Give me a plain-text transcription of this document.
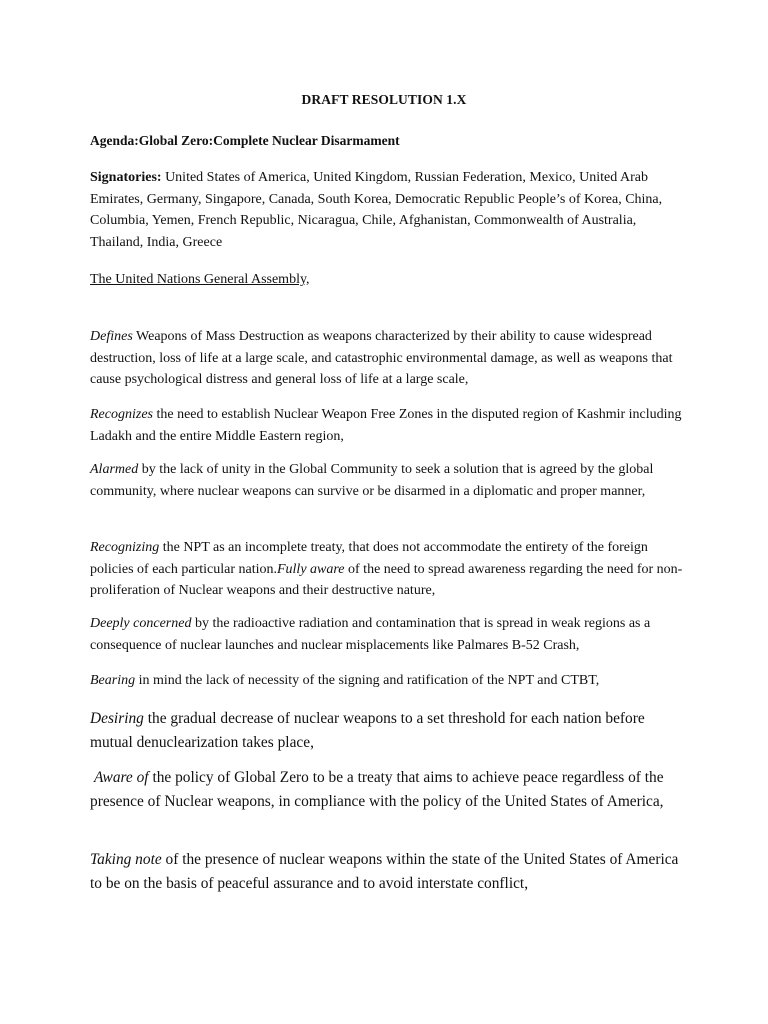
DRAFT RESOLUTION 1.X
Agenda:Global Zero:Complete Nuclear Disarmament
Signatories: United States of America, United Kingdom, Russian Federation, Mexico, United Arab Emirates, Germany, Singapore, Canada, South Korea, Democratic Republic People’s of Korea, China, Columbia, Yemen, French Republic, Nicaragua, Chile, Afghanistan, Commonwealth of Australia, Thailand, India, Greece
The United Nations General Assembly,
Defines Weapons of Mass Destruction as weapons characterized by their ability to cause widespread destruction, loss of life at a large scale, and catastrophic environmental damage, as well as weapons that cause psychological distress and general loss of life at a large scale,
Recognizes the need to establish Nuclear Weapon Free Zones in the disputed region of Kashmir including Ladakh and the entire Middle Eastern region,
Alarmed by the lack of unity in the Global Community to seek a solution that is agreed by the global community, where nuclear weapons can survive or be disarmed in a diplomatic and proper manner,
Recognizing the NPT as an incomplete treaty, that does not accommodate the entirety of the foreign policies of each particular nation.Fully aware of the need to spread awareness regarding the need for non-proliferation of Nuclear weapons and their destructive nature,
Deeply concerned by the radioactive radiation and contamination that is spread in weak regions as a consequence of nuclear launches and nuclear misplacements like Palmares B-52 Crash,
Bearing in mind the lack of necessity of the signing and ratification of the NPT and CTBT,
Desiring the gradual decrease of nuclear weapons to a set threshold for each nation before mutual denuclearization takes place,
Aware of the policy of Global Zero to be a treaty that aims to achieve peace regardless of the presence of Nuclear weapons, in compliance with the policy of the United States of America,
Taking note of the presence of nuclear weapons within the state of the United States of America to be on the basis of peaceful assurance and to avoid interstate conflict,
